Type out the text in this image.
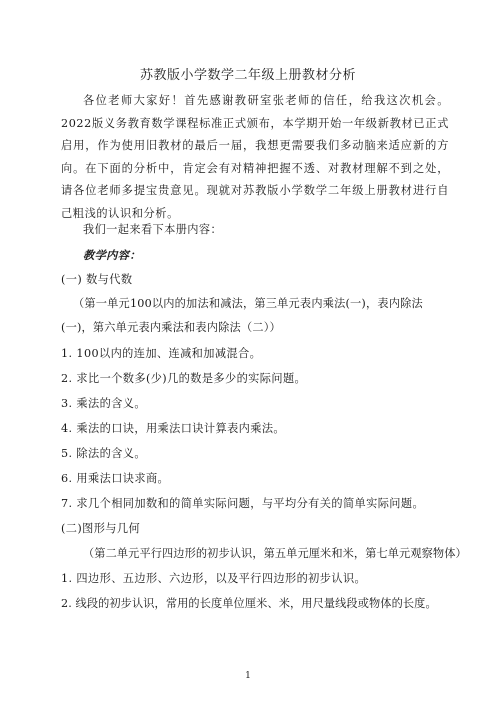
苏教版小学数学二年级上册教材分析
各位老师大家好！首先感谢教研室张老师的信任，给我这次机会。2022版义务教育数学课程标准正式颁布，本学期开始一年级新教材已正式启用，作为使用旧教材的最后一届，我想更需要我们多动脑来适应新的方向。在下面的分析中，肯定会有对精神把握不透、对教材理解不到之处，请各位老师多提宝贵意见。现就对苏教版小学数学二年级上册教材进行自己粗浅的认识和分析。
我们一起来看下本册内容：
教学内容：
(一) 数与代数
（第一单元100以内的加法和减法，第三单元表内乘法(一)，表内除法(一)，第六单元表内乘法和表内除法（二））
1. 100以内的连加、连减和加减混合。
2. 求比一个数多(少)几的数是多少的实际问题。
3. 乘法的含义。
4. 乘法的口诀，用乘法口诀计算表内乘法。
5. 除法的含义。
6. 用乘法口诀求商。
7. 求几个相同加数和的简单实际问题，与平均分有关的简单实际问题。
(二)图形与几何
（第二单元平行四边形的初步认识，第五单元厘米和米，第七单元观察物体）
1. 四边形、五边形、六边形，以及平行四边形的初步认识。
2. 线段的初步认识，常用的长度单位厘米、米，用尺量线段或物体的长度。
1
